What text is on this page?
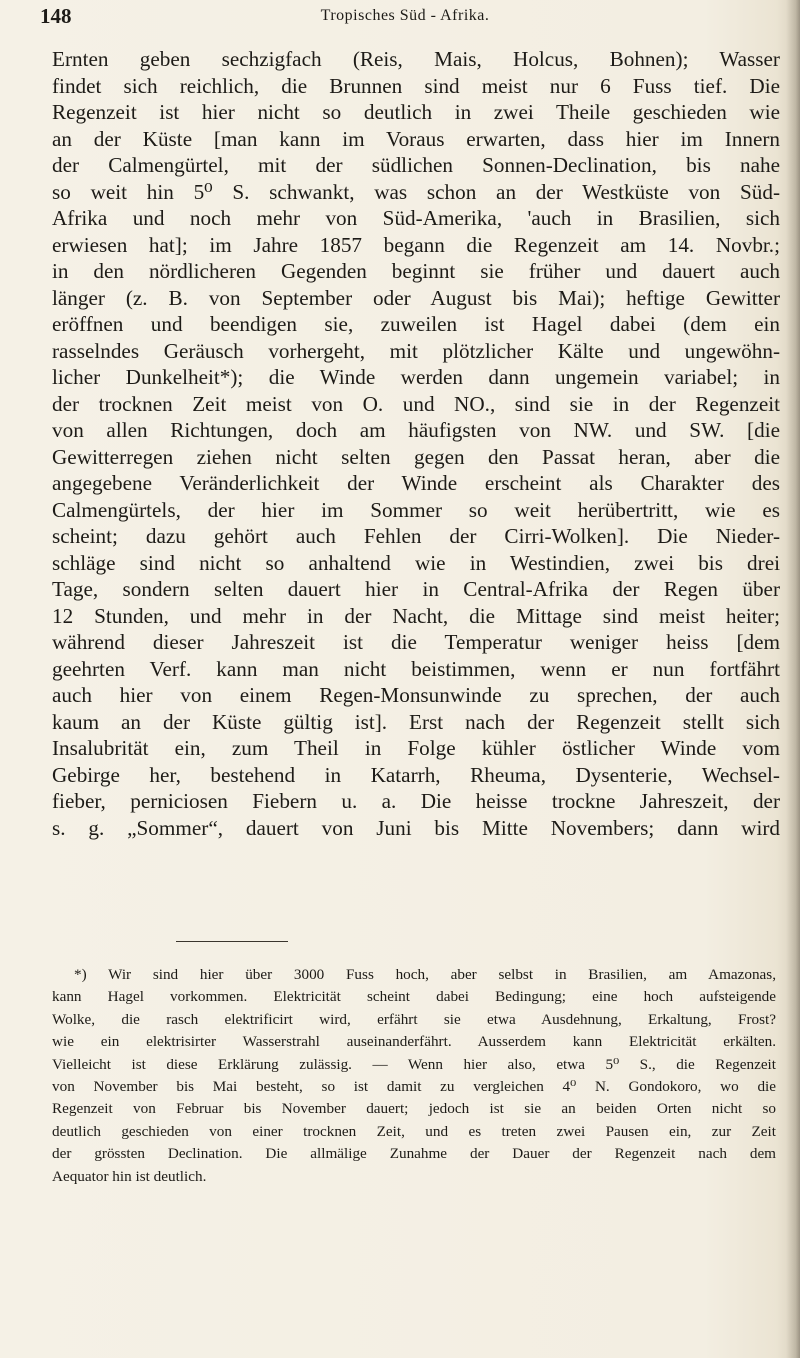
148	Tropisches Süd - Afrika.
Ernten geben sechzigfach (Reis, Mais, Holcus, Bohnen); Wasser
findet sich reichlich, die Brunnen sind meist nur 6 Fuss tief. Die
Regenzeit ist hier nicht so deutlich in zwei Theile geschieden wie
an der Küste [man kann im Voraus erwarten, dass hier im Innern
der Calmengürtel, mit der südlichen Sonnen-Declination, bis nahe
so weit hin 5⁰ S. schwankt, was schon an der Westküste von Süd-
Afrika und noch mehr von Süd-Amerika, 'auch in Brasilien, sich
erwiesen hat]; im Jahre 1857 begann die Regenzeit am 14. Novbr.;
in den nördlicheren Gegenden beginnt sie früher und dauert auch
länger (z. B. von September oder August bis Mai); heftige Gewitter
eröffnen und beendigen sie, zuweilen ist Hagel dabei (dem ein
rasselndes Geräusch vorhergeht, mit plötzlicher Kälte und ungewöhn-
licher Dunkelheit*); die Winde werden dann ungemein variabel; in
der trocknen Zeit meist von O. und NO., sind sie in der Regenzeit
von allen Richtungen, doch am häufigsten von NW. und SW. [die
Gewitterregen ziehen nicht selten gegen den Passat heran, aber die
angegebene Veränderlichkeit der Winde erscheint als Charakter des
Calmengürtels, der hier im Sommer so weit herübertritt, wie es
scheint; dazu gehört auch Fehlen der Cirri-Wolken]. Die Nieder-
schläge sind nicht so anhaltend wie in Westindien, zwei bis drei
Tage, sondern selten dauert hier in Central-Afrika der Regen über
12 Stunden, und mehr in der Nacht, die Mittage sind meist heiter;
während dieser Jahreszeit ist die Temperatur weniger heiss [dem
geehrten Verf. kann man nicht beistimmen, wenn er nun fortfährt
auch hier von einem Regen-Monsunwinde zu sprechen, der auch
kaum an der Küste gültig ist]. Erst nach der Regenzeit stellt sich
Insalubrität ein, zum Theil in Folge kühler östlicher Winde vom
Gebirge her, bestehend in Katarrh, Rheuma, Dysenterie, Wechsel-
fieber, perniciosen Fiebern u. a. Die heisse trockne Jahreszeit, der
s. g. „Sommer“, dauert von Juni bis Mitte Novembers; dann wird
*) Wir sind hier über 3000 Fuss hoch, aber selbst in Brasilien, am Amazonas,
kann Hagel vorkommen. Elektricität scheint dabei Bedingung; eine hoch aufsteigende
Wolke, die rasch elektrificirt wird, erfährt sie etwa Ausdehnung, Erkaltung, Frost?
wie ein elektrisirter Wasserstrahl auseinanderfährt. Ausserdem kann Elektricität erkälten.
Vielleicht ist diese Erklärung zulässig. — Wenn hier also, etwa 5⁰ S., die Regenzeit
von November bis Mai besteht, so ist damit zu vergleichen 4⁰ N. Gondokoro, wo die
Regenzeit von Februar bis November dauert; jedoch ist sie an beiden Orten nicht so
deutlich geschieden von einer trocknen Zeit, und es treten zwei Pausen ein, zur Zeit
der grössten Declination. Die allmälige Zunahme der Dauer der Regenzeit nach dem
Aequator hin ist deutlich.
